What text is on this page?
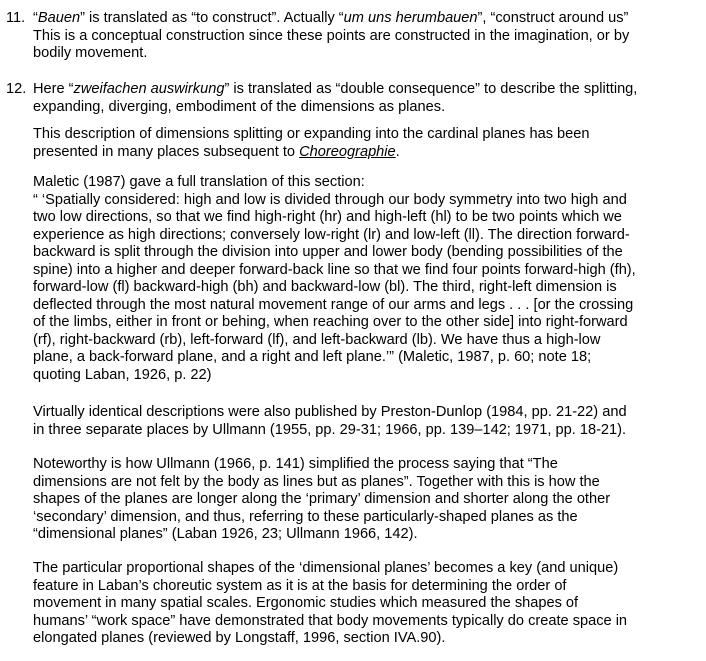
11. “Bauen” is translated as “to construct”. Actually “um uns herumbauen”, “construct around us”
This is a conceptual construction since these points are constructed in the imagination, or by
bodily movement.
12. Here “zweifachen auswirkung” is translated as “double consequence” to describe the splitting,
expanding, diverging, embodiment of the dimensions as planes.
This description of dimensions splitting or expanding into the cardinal planes has been
presented in many places subsequent to Choreographie.
Maletic (1987) gave a full translation of this section:
“ ‘Spatially considered: high and low is divided through our body symmetry into two high and
two low directions, so that we find high-right (hr) and high-left (hl) to be two points which we
experience as high directions; conversely low-right (lr) and low-left (ll). The direction forward-
backward is split through the division into upper and lower body (bending possibilities of the
spine) into a higher and deeper forward-back line so that we find four points forward-high (fh),
forward-low (fl) backward-high (bh) and backward-low (bl). The third, right-left dimension is
deflected through the most natural movement range of our arms and legs . . . [or the crossing
of the limbs, either in front or behing, when reaching over to the other side] into right-forward
(rf), right-backward (rb), left-forward (lf), and left-backward (lb). We have thus a high-low
plane, a back-forward plane, and a right and left plane.’” (Maletic, 1987, p. 60; note 18;
quoting Laban, 1926, p. 22)
Virtually identical descriptions were also published by Preston-Dunlop (1984, pp. 21-22) and
in three separate places by Ullmann (1955, pp. 29-31; 1966, pp. 139–142; 1971, pp. 18-21).
Noteworthy is how Ullmann (1966, p. 141) simplified the process saying that “The
dimensions are not felt by the body as lines but as planes”. Together with this is how the
shapes of the planes are longer along the ‘primary’ dimension and shorter along the other
‘secondary’ dimension, and thus, referring to these particularly-shaped planes as the
“dimensional planes” (Laban 1926, 23; Ullmann 1966, 142).
The particular proportional shapes of the ‘dimensional planes’ becomes a key (and unique)
feature in Laban’s choreutic system as it is at the basis for determining the order of
movement in many spatial scales. Ergonomic studies which measured the shapes of
humans’ “work space” have demonstrated that body movements typically do create space in
elongated planes (reviewed by Longstaff, 1996, section IVA.90).
